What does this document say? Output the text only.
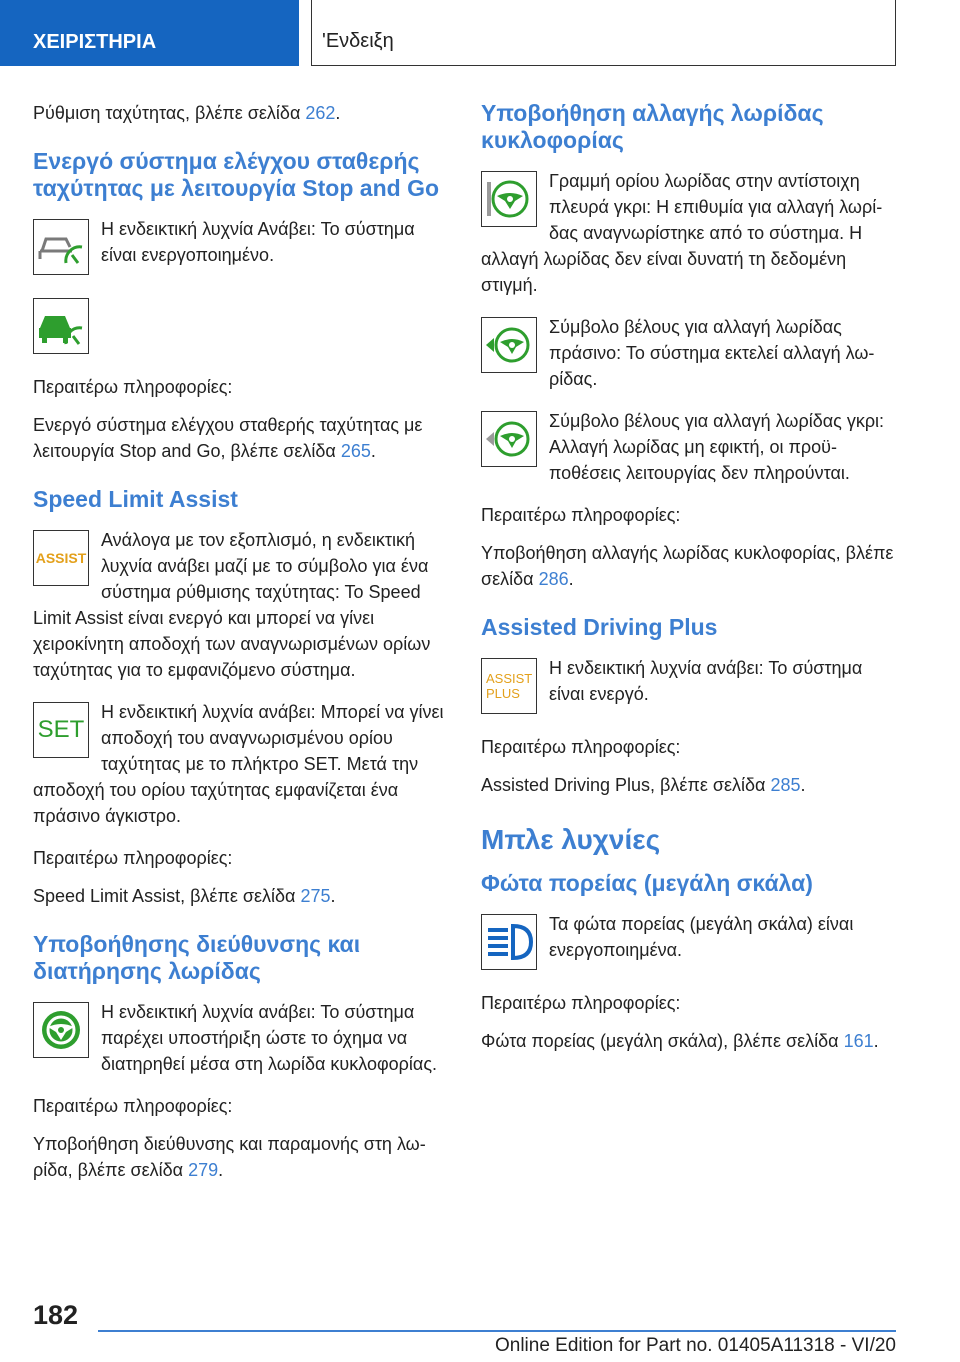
ΧΕΙΡΙΣΤΗΡΙΑ	'Ενδειξη

Ρύθμιση ταχύτητας, βλέπε σελίδα 262.

Ενεργό σύστημα ελέγχου σταθερής ταχύτητας με λειτουργία Stop and Go

Η ενδεικτική λυχνία Ανάβει: Το σύστημα είναι ενεργοποιημένο.

Περαιτέρω πληροφορίες:

Ενεργό σύστημα ελέγχου σταθερής ταχύτητας με λειτουργία Stop and Go, βλέπε σελίδα 265.

Speed Limit Assist
ASSIST

Ανάλογα με τον εξοπλισμό, η ενδεικτική λυχνία ανάβει μαζί με το σύμβολο για ένα σύστημα ρύθμισης ταχύτητας: Το Speed Limit Assist είναι ενεργό και μπορεί να γίνει χειροκίνητη αποδοχή των αναγνωρισμένων ορίων ταχύτητας για το εμφανιζόμενο σύστημα.

SET

Η ενδεικτική λυχνία ανάβει: Μπορεί να γίνει αποδοχή του αναγνωρισμένου ορίου ταχύτητας με το πλήκτρο SET. Μετά την αποδοχή του ορίου ταχύτητας εμφανίζεται ένα πράσινο άγκιστρο.

Περαιτέρω πληροφορίες:

Speed Limit Assist, βλέπε σελίδα 275.

Υποβοήθησης διεύθυνσης και διατήρησης λωρίδας

Η ενδεικτική λυχνία ανάβει: Το σύστημα παρέχει υποστήριξη ώστε το όχημα να διατηρηθεί μέσα στη λωρίδα κυκλοφορίας.

Περαιτέρω πληροφορίες:

Υποβοήθηση διεύθυνσης και παραμονής στη λωρίδα, βλέπε σελίδα 279.

Υποβοήθηση αλλαγής λωρίδας κυκλοφορίας

Γραμμή ορίου λωρίδας στην αντίστοιχη πλευρά γκρι: Η επιθυμία για αλλαγή λωρίδας αναγνωρίστηκε από το σύστημα. Η αλλαγή λωρίδας δεν είναι δυνατή τη δεδομένη στιγμή.

Σύμβολο βέλους για αλλαγή λωρίδας πράσινο: Το σύστημα εκτελεί αλλαγή λωρίδας.

Σύμβολο βέλους για αλλαγή λωρίδας γκρι: Αλλαγή λωρίδας μη εφικτή, οι προϋποθέσεις λειτουργίας δεν πληρούνται.

Περαιτέρω πληροφορίες:

Υποβοήθηση αλλαγής λωρίδας κυκλοφορίας, βλέπε σελίδα 286.

Assisted Driving Plus
ASSIST
PLUS

Η ενδεικτική λυχνία ανάβει: Το σύστημα είναι ενεργό.

Περαιτέρω πληροφορίες:

Assisted Driving Plus, βλέπε σελίδα 285.

Μπλε λυχνίες
Φώτα πορείας (μεγάλη σκάλα)

Τα φώτα πορείας (μεγάλη σκάλα) είναι ενεργοποιημένα.

Περαιτέρω πληροφορίες:

Φώτα πορείας (μεγάλη σκάλα), βλέπε σελίδα 161.

182
Online Edition for Part no. 01405A11318 - VI/20
